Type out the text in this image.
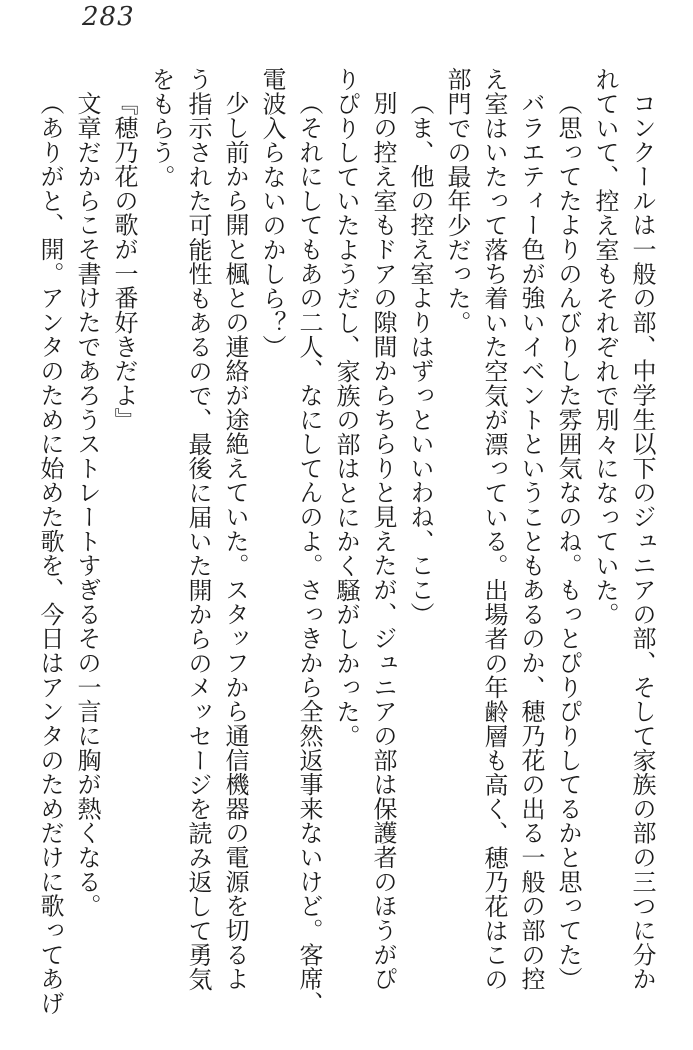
283
コンクールは一般の部、中学生以下のジュニアの部、そして家族の部の三つに分か
れていて、控え室もそれぞれで別々になっていた。
（思ってたよりのんびりした雰囲気なのね。もっとぴりぴりしてるかと思ってた）
バラエティー色が強いイベントということもあるのか、穂乃花の出る一般の部の控
え室はいたって落ち着いた空気が漂っている。出場者の年齢層も高く、穂乃花はこの
部門での最年少だった。
（ま、他の控え室よりはずっといいわね、ここ）
別の控え室もドアの隙間からちらりと見えたが、ジュニアの部は保護者のほうがぴ
りぴりしていたようだし、家族の部はとにかく騒がしかった。
（それにしてもあの二人、なにしてんのよ。さっきから全然返事来ないけど。客席、
電波入らないのかしら？）
少し前から開と楓との連絡が途絶えていた。スタッフから通信機器の電源を切るよ
う指示された可能性もあるので、最後に届いた開からのメッセージを読み返して勇気
をもらう。
『穂乃花の歌が一番好きだよ』
文章だからこそ書けたであろうストレートすぎるその一言に胸が熱くなる。
（ありがと、開。アンタのために始めた歌を、今日はアンタのためだけに歌ってあげ
